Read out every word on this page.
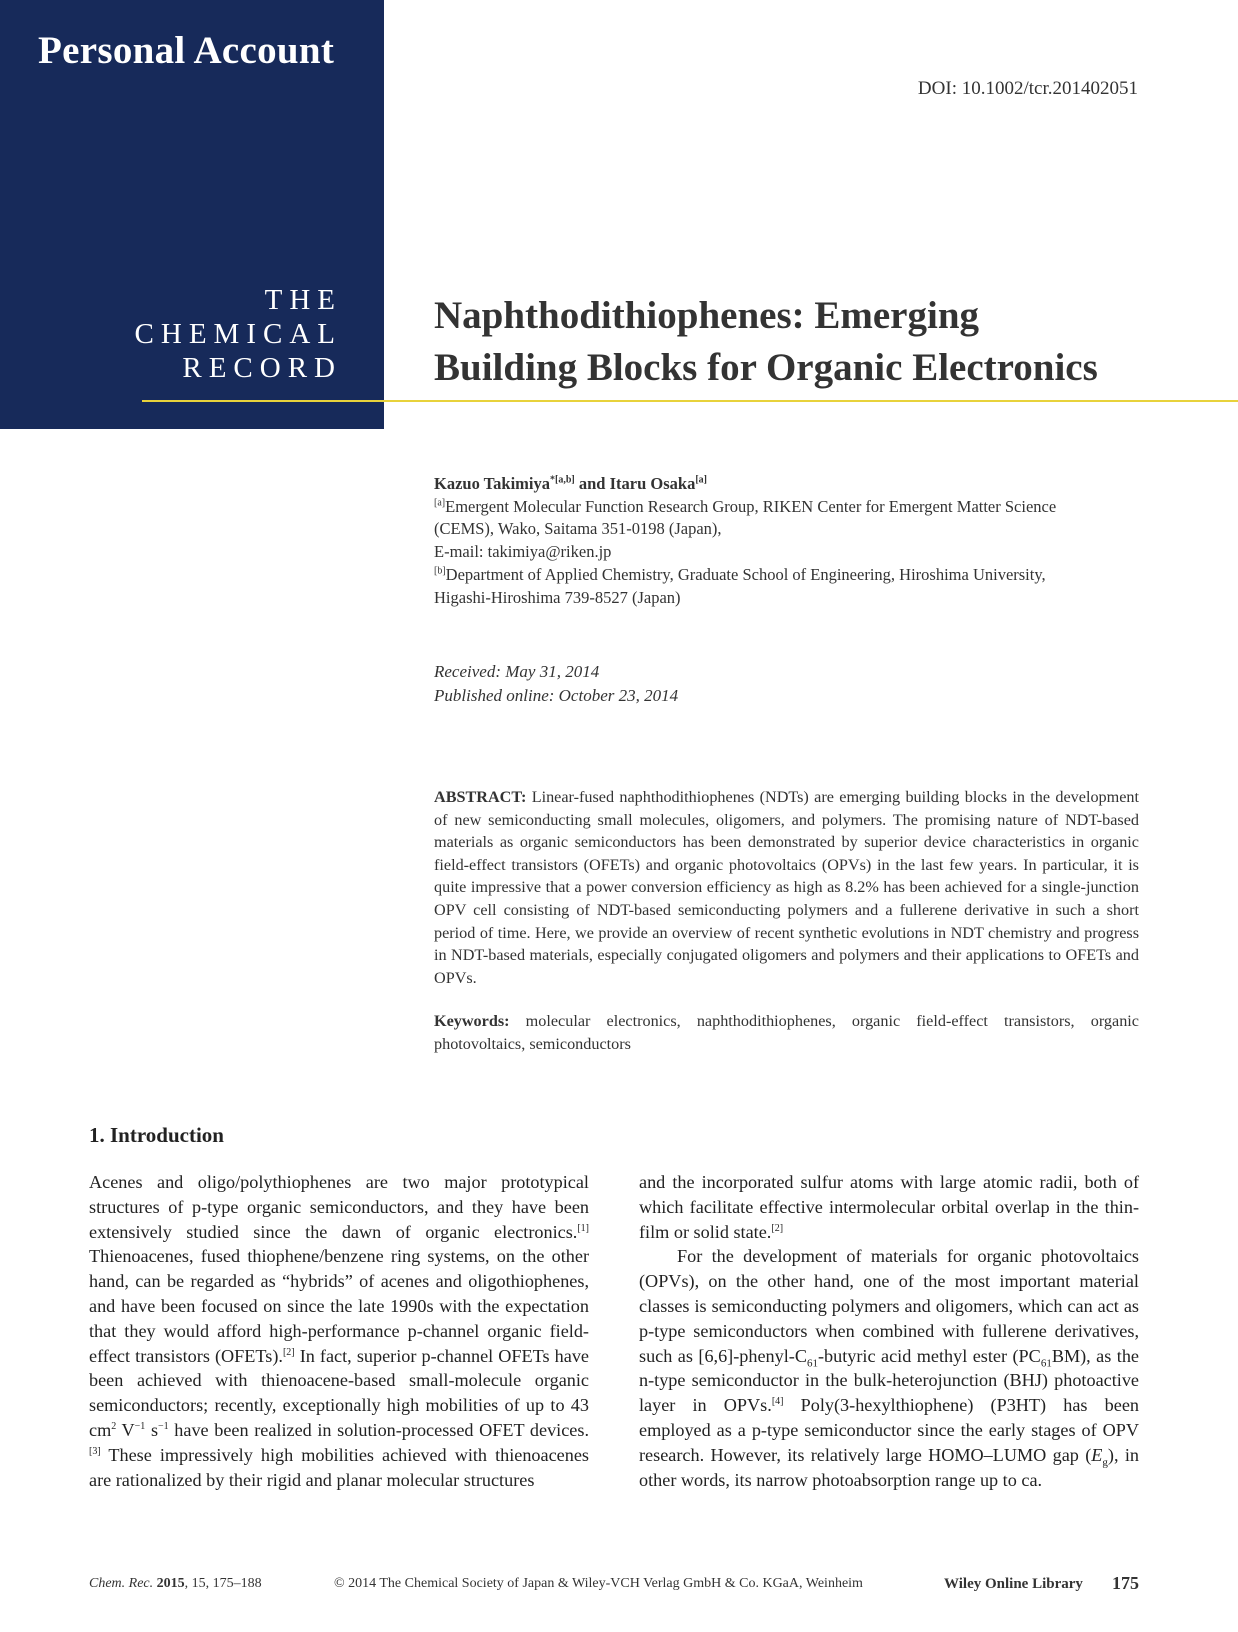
Personal Account
THE
CHEMICAL
RECORD
DOI: 10.1002/tcr.201402051
Naphthodithiophenes: Emerging
Building Blocks for Organic Electronics
Kazuo Takimiya$^{*[a,b]}$ and Itaru Osaka[a]
[a]Emergent Molecular Function Research Group, RIKEN Center for Emergent Matter Science
(CEMS), Wako, Saitama 351-0198 (Japan),
E-mail: takimiya@riken.jp
[b]Department of Applied Chemistry, Graduate School of Engineering, Hiroshima University,
Higashi-Hiroshima 739-8527 (Japan)
Received: May 31, 2014
Published online: October 23, 2014

ABSTRACT: Linear-fused naphthodithiophenes (NDTs) are emerging building blocks in the development of new semiconducting small molecules, oligomers, and polymers. The promising nature of NDT-based materials as organic semiconductors has been demonstrated by superior device characteristics in organic field-effect transistors (OFETs) and organic photovoltaics (OPVs) in the last few years. In particular, it is quite impressive that a power conversion efficiency as high as 8.2% has been achieved for a single-junction OPV cell consisting of NDT-based semiconducting polymers and a fullerene derivative in such a short period of time. Here, we provide an overview of recent synthetic evolutions in NDT chemistry and progress in NDT-based materials, especially conjugated oligomers and polymers and their applications to OFETs and OPVs.

Keywords: molecular electronics, naphthodithiophenes, organic field-effect transistors, organic photovoltaics, semiconductors

1. Introduction

Acenes and oligo/polythiophenes are two major prototypical structures of p-type organic semiconductors, and they have been extensively studied since the dawn of organic electronics.[1] Thienoacenes, fused thiophene/benzene ring systems, on the other hand, can be regarded as “hybrids” of acenes and oligothiophenes, and have been focused on since the late 1990s with the expectation that they would afford high-performance p-channel organic field-effect transistors (OFETs).[2] In fact, superior p-channel OFETs have been achieved with thienoacene-based small-molecule organic semiconductors; recently, exceptionally high mobilities of up to 43 $cm^2$ $V^{-1}$ $s^{-1}$ have been realized in solution-processed OFET devices.[3] These impressively high mobilities achieved with thienoacenes are rationalized by their rigid and planar molecular structures

and the incorporated sulfur atoms with large atomic radii, both of which facilitate effective intermolecular orbital overlap in the thin-film or solid state.[2]

For the development of materials for organic photovoltaics (OPVs), on the other hand, one of the most important material classes is semiconducting polymers and oligomers, which can act as p-type semiconductors when combined with fullerene derivatives, such as $[6,6]-phenyl-C_{61}$-butyric acid methyl ester $(PC_{61}BM)$, as the n-type semiconductor in the bulk-heterojunction (BHJ) photoactive layer in OPVs.[4] Poly(3-hexylthiophene) (P3HT) has been employed as a p-type semiconductor since the early stages of OPV research. However, its relatively large HOMO–LUMO gap $(E_g)$, in other words, its narrow photoabsorption range up to ca.

Chem. Rec. 2015, 15, 175–188	© 2014 The Chemical Society of Japan & Wiley-VCH Verlag GmbH & Co. KGaA, Weinheim	Wiley Online Library 175
